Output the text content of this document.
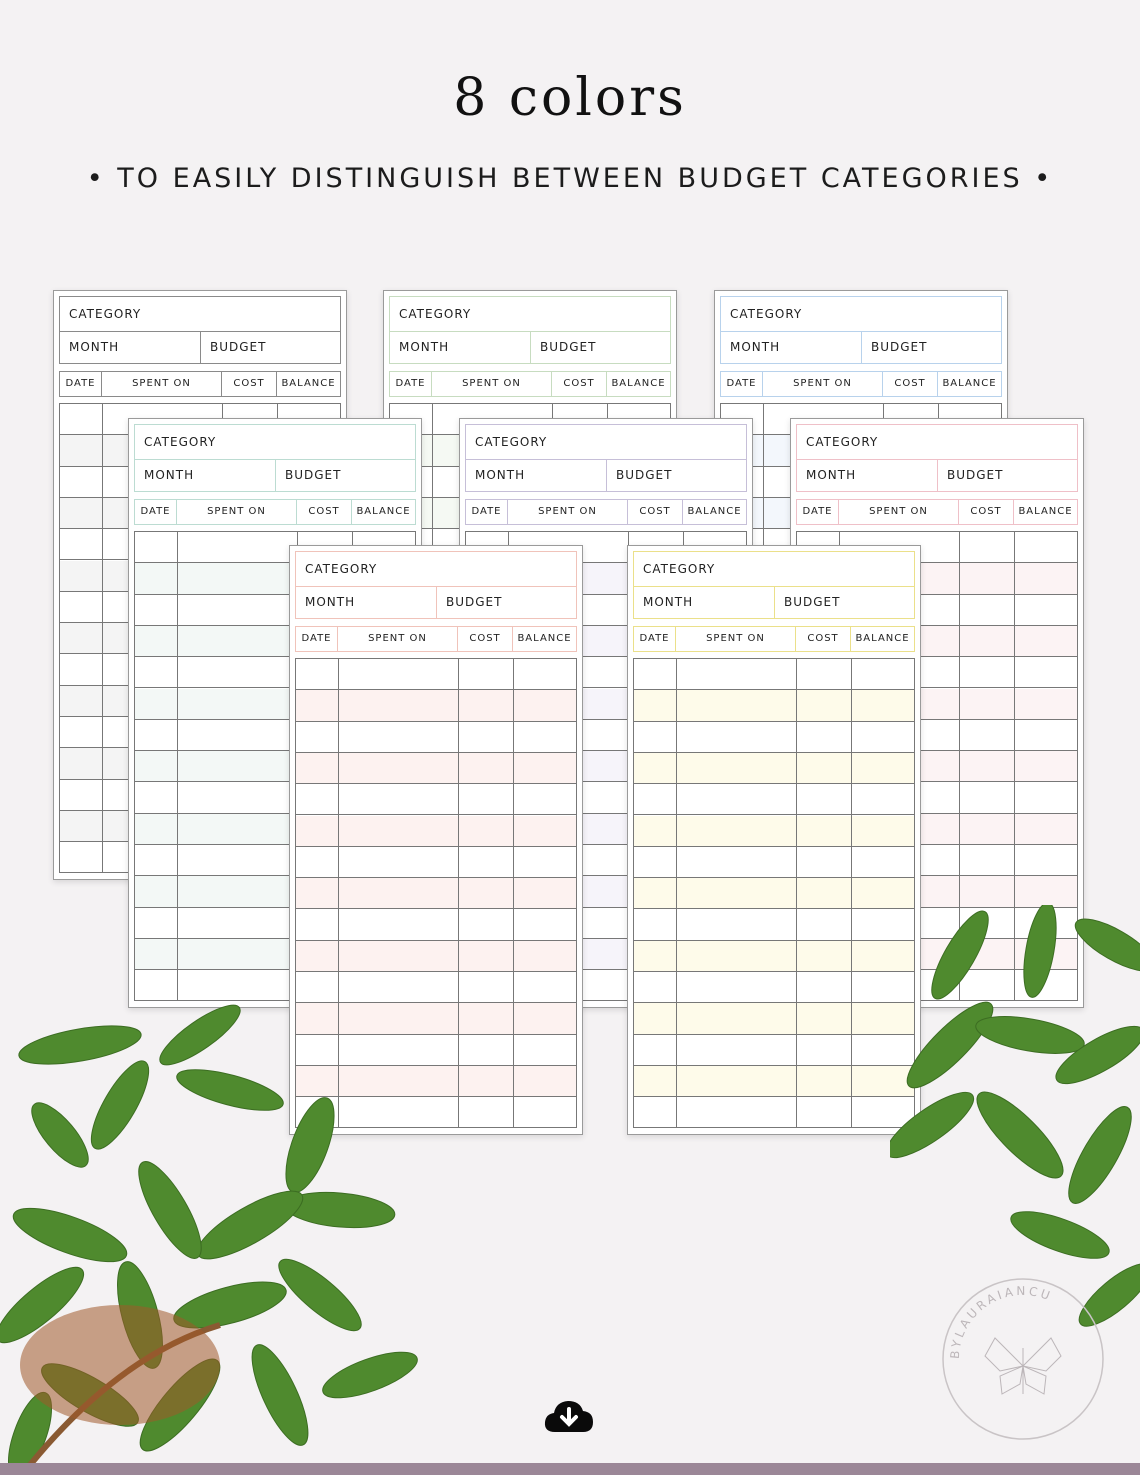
8 colors
• TO EASILY DISTINGUISH BETWEEN BUDGET CATEGORIES •
CATEGORY
MONTH	BUDGET
DATE	SPENT ON	COST	BALANCE
CATEGORY
MONTH	BUDGET
DATE	SPENT ON	COST	BALANCE
CATEGORY
MONTH	BUDGET
DATE	SPENT ON	COST	BALANCE
CATEGORY
MONTH	BUDGET
DATE	SPENT ON	COST	BALANCE
CATEGORY
MONTH	BUDGET
DATE	SPENT ON	COST	BALANCE
CATEGORY
MONTH	BUDGET
DATE	SPENT ON	COST	BALANCE
CATEGORY
MONTH	BUDGET
DATE	SPENT ON	COST	BALANCE
CATEGORY
MONTH	BUDGET
DATE	SPENT ON	COST	BALANCE
BYLAURAIANCU
